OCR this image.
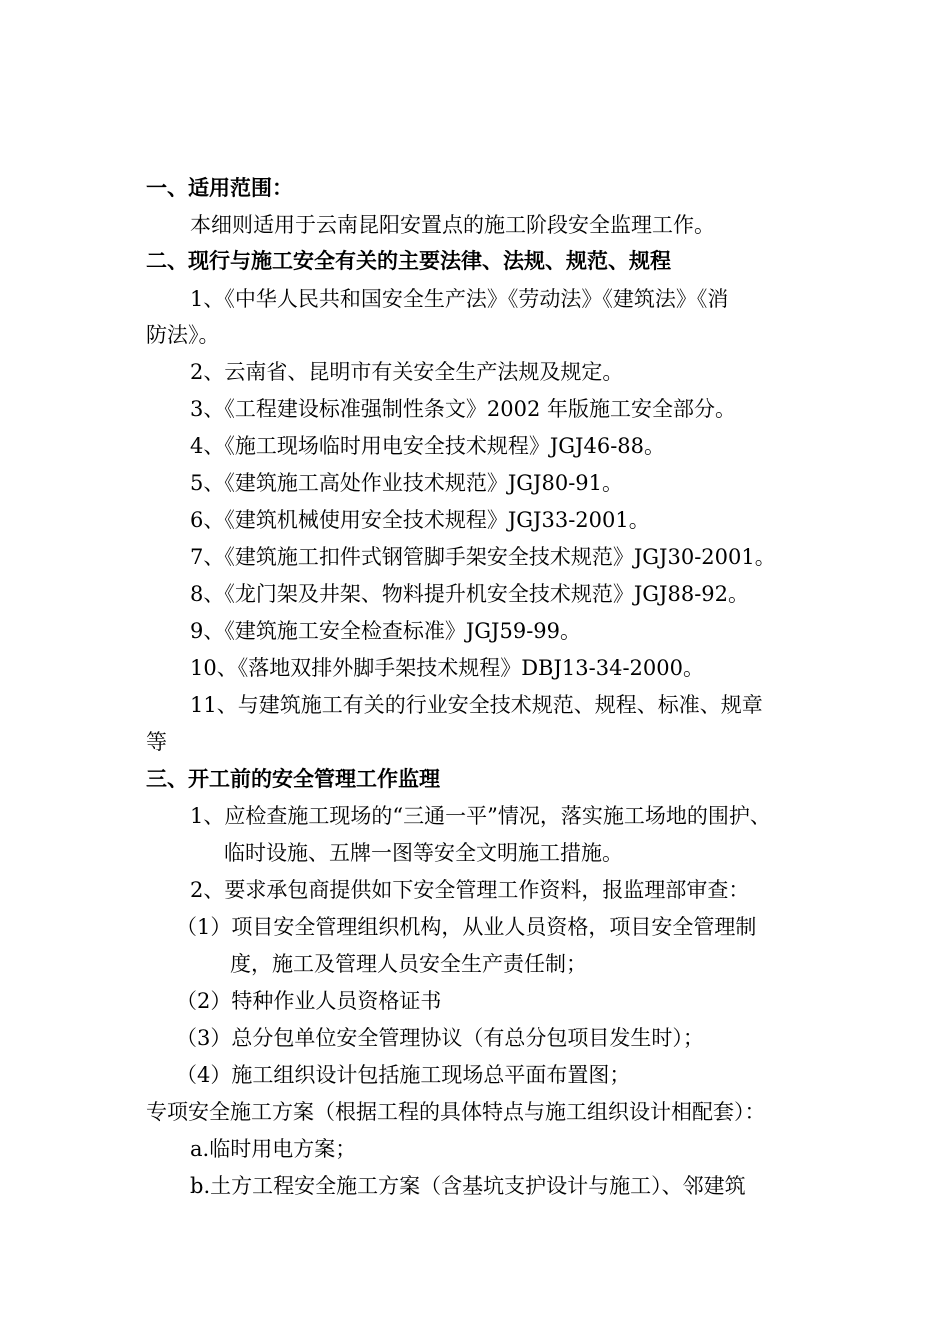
一、适用范围：
本细则适用于云南昆阳安置点的施工阶段安全监理工作。
二、现行与施工安全有关的主要法律、法规、规范、规程
1、《中华人民共和国安全生产法》《劳动法》《建筑法》《消
防法》。
2、云南省、昆明市有关安全生产法规及规定。
3、《工程建设标准强制性条文》2002 年版施工安全部分。
4、《施工现场临时用电安全技术规程》JGJ46-88。
5、《建筑施工高处作业技术规范》JGJ80-91。
6、《建筑机械使用安全技术规程》JGJ33-2001。
7、《建筑施工扣件式钢管脚手架安全技术规范》JGJ30-2001。
8、《龙门架及井架、物料提升机安全技术规范》JGJ88-92。
9、《建筑施工安全检查标准》JGJ59-99。
10、《落地双排外脚手架技术规程》DBJ13-34-2000。
11、与建筑施工有关的行业安全技术规范、规程、标准、规章
等
三、开工前的安全管理工作监理
1、应检查施工现场的“三通一平”情况，落实施工场地的围护、
临时设施、五牌一图等安全文明施工措施。
2、要求承包商提供如下安全管理工作资料，报监理部审查：
（1）项目安全管理组织机构，从业人员资格，项目安全管理制
度，施工及管理人员安全生产责任制；
（2）特种作业人员资格证书
（3）总分包单位安全管理协议（有总分包项目发生时）；
（4）施工组织设计包括施工现场总平面布置图；
专项安全施工方案（根据工程的具体特点与施工组织设计相配套）：
a.临时用电方案；
b.土方工程安全施工方案（含基坑支护设计与施工）、邻建筑
